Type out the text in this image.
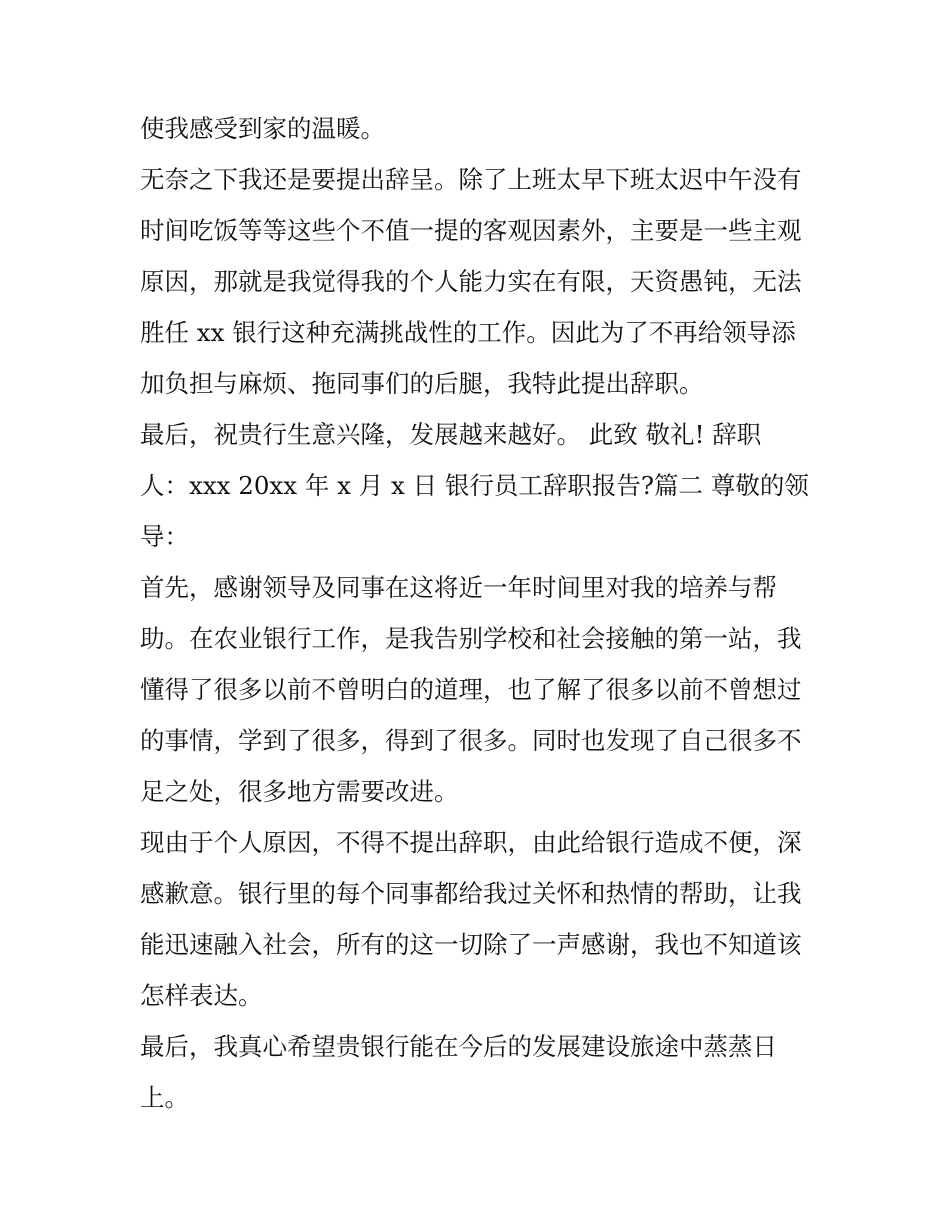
使我感受到家的温暖。
无奈之下我还是要提出辞呈。除了上班太早下班太迟中午没有
时间吃饭等等这些个不值一提的客观因素外，主要是一些主观
原因，那就是我觉得我的个人能力实在有限，天资愚钝，无法
胜任 xx 银行这种充满挑战性的工作。因此为了不再给领导添
加负担与麻烦、拖同事们的后腿，我特此提出辞职。
最后，祝贵行生意兴隆，发展越来越好。 此致 敬礼! 辞职
人：xxx 20xx 年 x 月 x 日 银行员工辞职报告?篇二 尊敬的领
导：
首先，感谢领导及同事在这将近一年时间里对我的培养与帮
助。在农业银行工作，是我告别学校和社会接触的第一站，我
懂得了很多以前不曾明白的道理，也了解了很多以前不曾想过
的事情，学到了很多，得到了很多。同时也发现了自己很多不
足之处，很多地方需要改进。
现由于个人原因，不得不提出辞职，由此给银行造成不便，深
感歉意。银行里的每个同事都给我过关怀和热情的帮助，让我
能迅速融入社会，所有的这一切除了一声感谢，我也不知道该
怎样表达。
最后，我真心希望贵银行能在今后的发展建设旅途中蒸蒸日
上。
